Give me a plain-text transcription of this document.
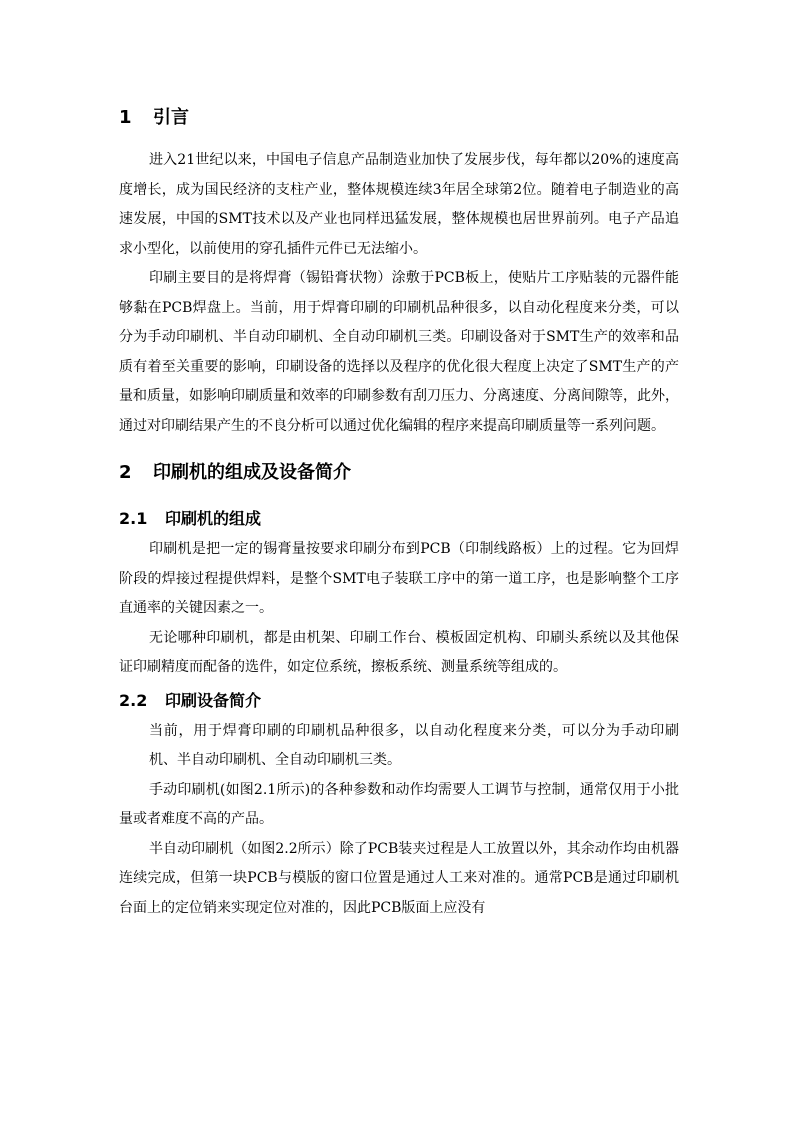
1 引言

进入21世纪以来，中国电子信息产品制造业加快了发展步伐，每年都以20%的速度高度增长，成为国民经济的支柱产业，整体规模连续3年居全球第2位。随着电子制造业的高速发展，中国的SMT技术以及产业也同样迅猛发展，整体规模也居世界前列。电子产品追求小型化，以前使用的穿孔插件元件已无法缩小。

印刷主要目的是将焊膏（锡铅膏状物）涂敷于PCB板上，使贴片工序贴装的元器件能够黏在PCB焊盘上。当前，用于焊膏印刷的印刷机品种很多，以自动化程度来分类，可以分为手动印刷机、半自动印刷机、全自动印刷机三类。印刷设备对于SMT生产的效率和品质有着至关重要的影响，印刷设备的选择以及程序的优化很大程度上决定了SMT生产的产量和质量，如影响印刷质量和效率的印刷参数有刮刀压力、分离速度、分离间隙等，此外，通过对印刷结果产生的不良分析可以通过优化编辑的程序来提高印刷质量等一系列问题。

2 印刷机的组成及设备简介
2.1 印刷机的组成

印刷机是把一定的锡膏量按要求印刷分布到PCB（印制线路板）上的过程。它为回焊阶段的焊接过程提供焊料，是整个SMT电子装联工序中的第一道工序，也是影响整个工序直通率的关键因素之一。

无论哪种印刷机，都是由机架、印刷工作台、模板固定机构、印刷头系统以及其他保证印刷精度而配备的选件，如定位系统，擦板系统、测量系统等组成的。

2.2 印刷设备简介

当前，用于焊膏印刷的印刷机品种很多，以自动化程度来分类，可以分为手动印刷机、半自动印刷机、全自动印刷机三类。

手动印刷机(如图2.1所示)的各种参数和动作均需要人工调节与控制，通常仅用于小批量或者难度不高的产品。

半自动印刷机（如图2.2所示）除了PCB装夹过程是人工放置以外，其余动作均由机器连续完成，但第一块PCB与模版的窗口位置是通过人工来对准的。通常PCB是通过印刷机台面上的定位销来实现定位对准的，因此PCB版面上应没有
